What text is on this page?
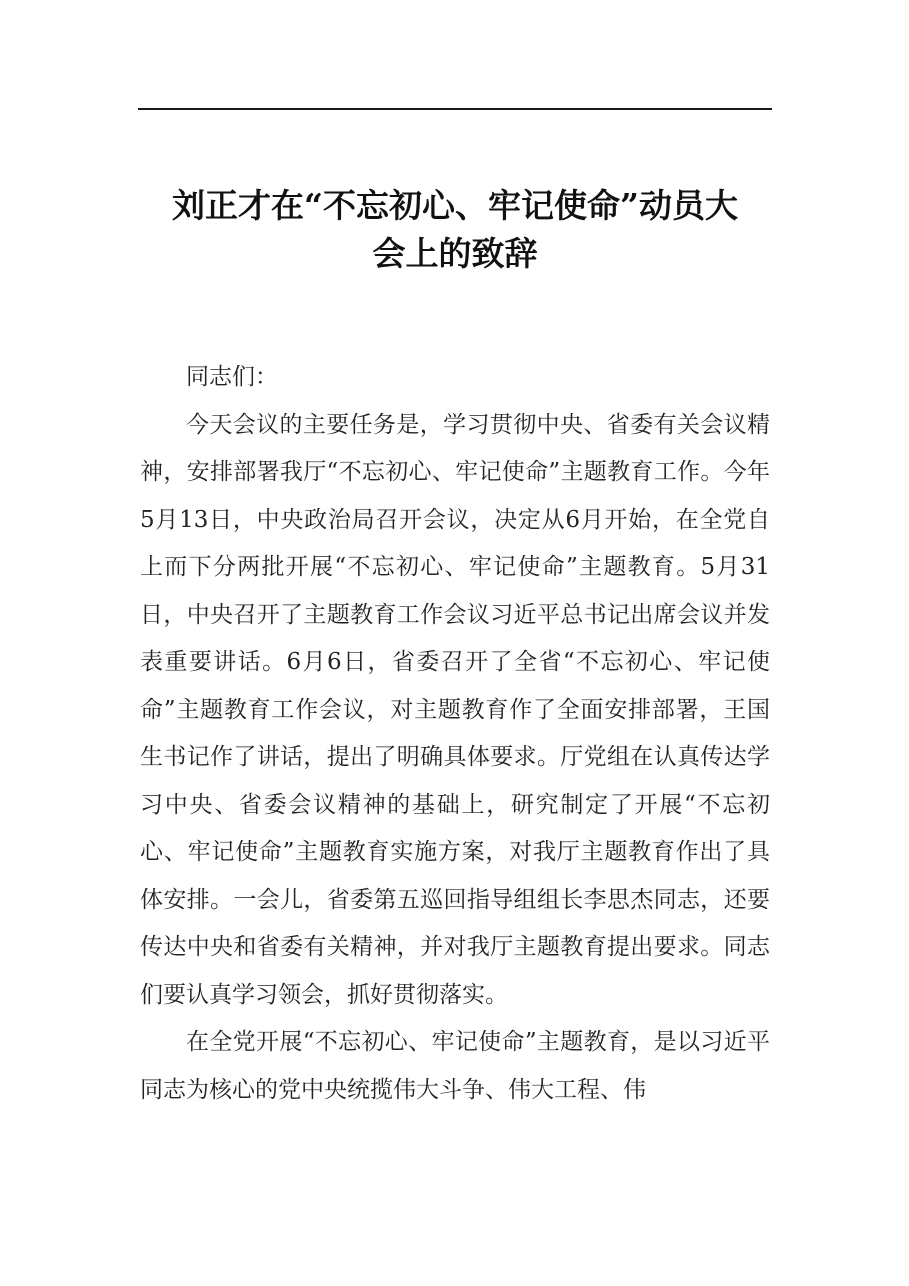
刘正才在“不忘初心、牢记使命”动员大
会上的致辞

同志们：

今天会议的主要任务是，学习贯彻中央、省委有关会议精神，安排部署我厅“不忘初心、牢记使命”主题教育工作。今年5月13日，中央政治局召开会议，决定从6月开始，在全党自上而下分两批开展“不忘初心、牢记使命”主题教育。5月31日，中央召开了主题教育工作会议习近平总书记出席会议并发表重要讲话。6月6日，省委召开了全省“不忘初心、牢记使命”主题教育工作会议，对主题教育作了全面安排部署，王国生书记作了讲话，提出了明确具体要求。厅党组在认真传达学习中央、省委会议精神的基础上，研究制定了开展“不忘初心、牢记使命”主题教育实施方案，对我厅主题教育作出了具体安排。一会儿，省委第五巡回指导组组长李思杰同志，还要传达中央和省委有关精神，并对我厅主题教育提出要求。同志们要认真学习领会，抓好贯彻落实。

在全党开展“不忘初心、牢记使命”主题教育，是以习近平同志为核心的党中央统揽伟大斗争、伟大工程、伟
